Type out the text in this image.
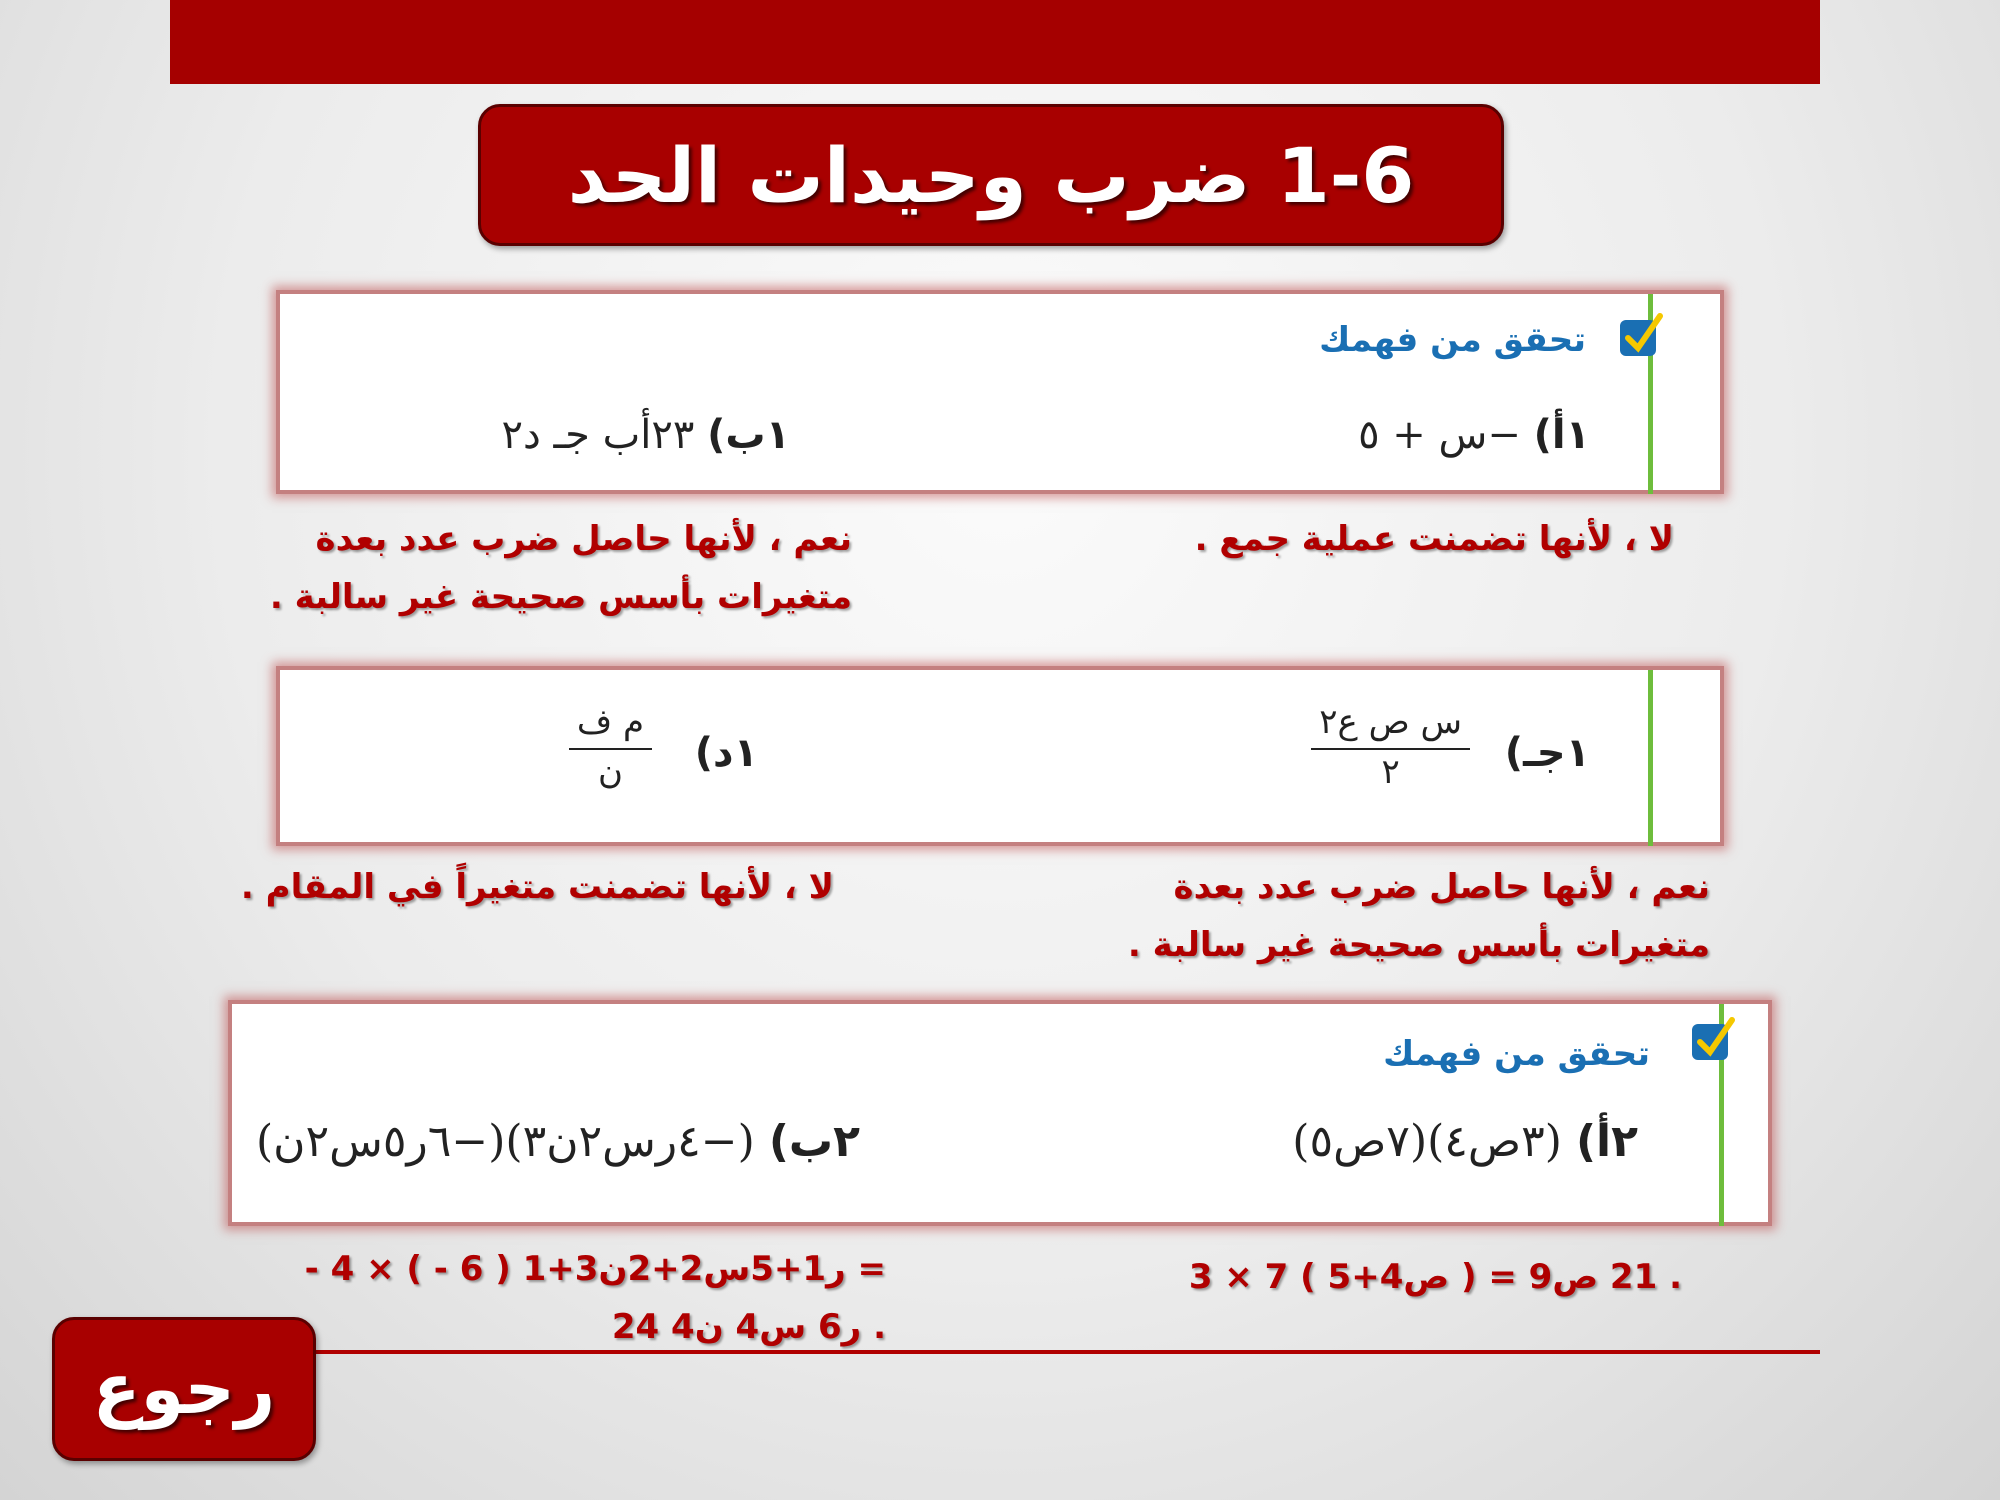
1-6 ضرب وحيدات الحد
تحقق من فهمك
١أ) −س + ٥
١ب) ٢٣أب جـ د٢
لا ، لأنها تضمنت عملية جمع .
نعم ، لأنها حاصل ضرب عدد بعدة
متغيرات بأسس صحيحة غير سالبة .
١جـ)
س ص ع٢
٢
١د)
م ف
ن
نعم ، لأنها حاصل ضرب عدد بعدة
متغيرات بأسس صحيحة غير سالبة .
لا ، لأنها تضمنت متغيراً في المقام .
تحقق من فهمك
٢أ) (٣ص٤)(٧ص٥)
٢ب) (−٤رس٢ن٣)(−٦ر٥س٢ن)
3 × 7 ( ص4+5 ) = 21 ص9 .
- 4 × ( - 6 ) ر1+5س2+2ن3+1 =
24 ر6 س4 ن4 .
رجوع
